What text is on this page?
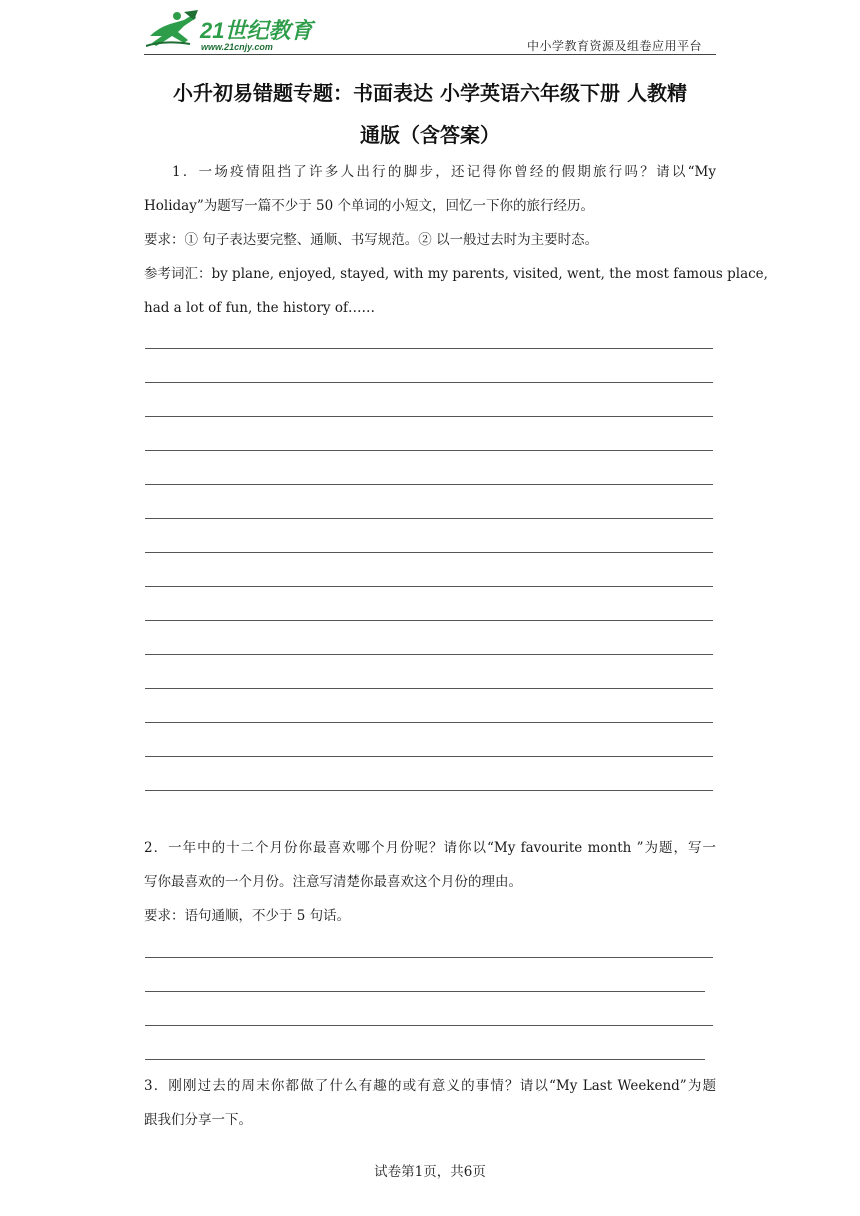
21世纪教育
www.21cnjy.com	中小学教育资源及组卷应用平台
小升初易错题专题：书面表达 小学英语六年级下册 人教精
通版（含答案）
1．一场疫情阻挡了许多人出行的脚步，还记得你曾经的假期旅行吗？请以“My
Holiday”为题写一篇不少于 50 个单词的小短文，回忆一下你的旅行经历。
要求：① 句子表达要完整、通顺、书写规范。② 以一般过去时为主要时态。
参考词汇：by plane, enjoyed, stayed, with my parents, visited, went, the most famous place,
had a lot of fun, the history of……
2．一年中的十二个月份你最喜欢哪个月份呢？请你以“My favourite month ”为题，写一
写你最喜欢的一个月份。注意写清楚你最喜欢这个月份的理由。
要求：语句通顺，不少于 5 句话。
3．刚刚过去的周末你都做了什么有趣的或有意义的事情？请以“My Last Weekend”为题
跟我们分享一下。
试卷第1页，共6页
